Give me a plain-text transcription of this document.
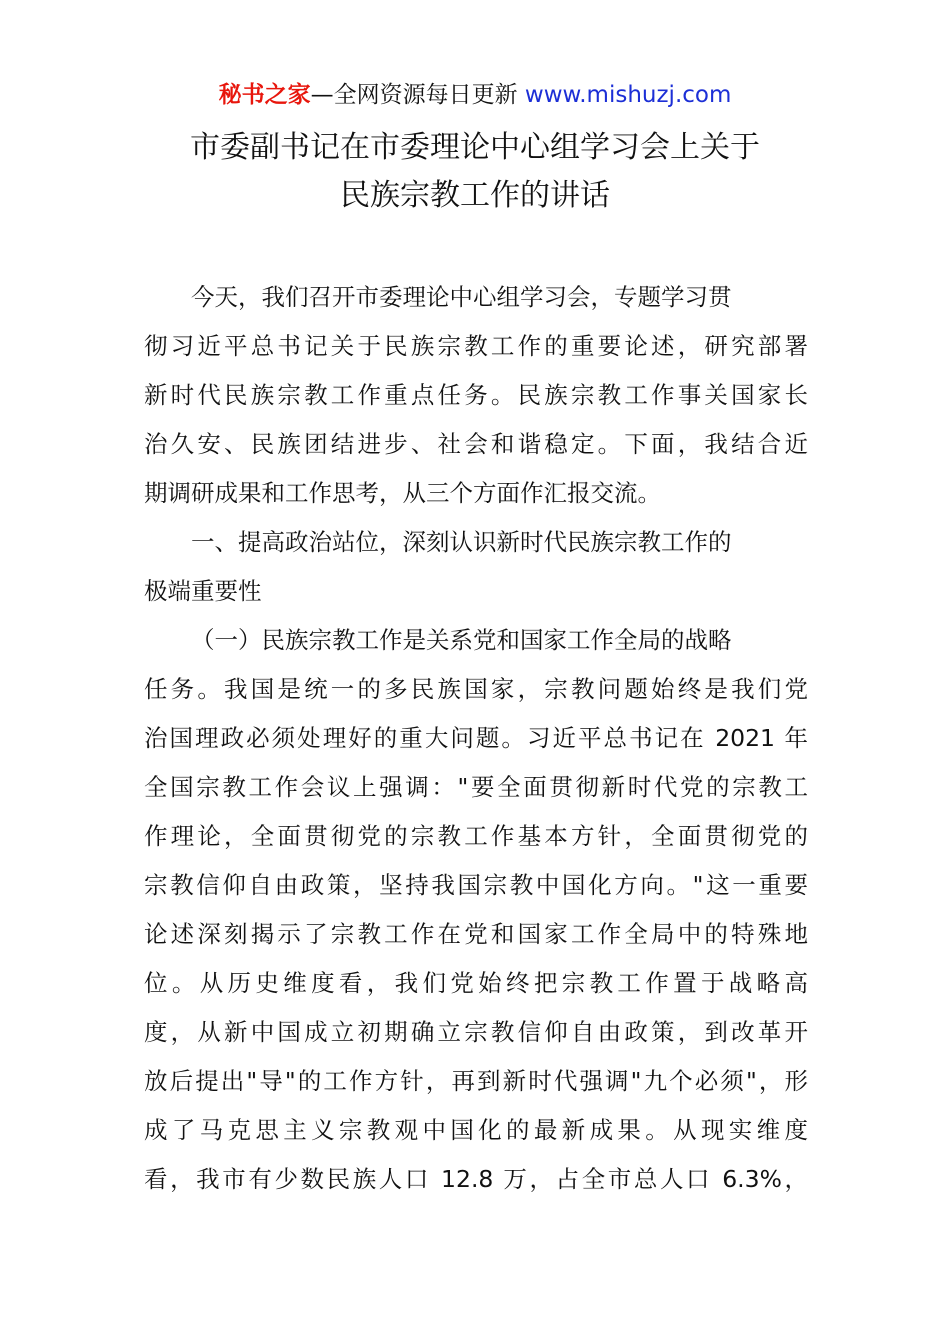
秘书之家—全网资源每日更新 www.mishuzj.com
市委副书记在市委理论中心组学习会上关于
民族宗教工作的讲话
今天，我们召开市委理论中心组学习会，专题学习贯
彻习近平总书记关于民族宗教工作的重要论述，研究部署
新时代民族宗教工作重点任务。民族宗教工作事关国家长
治久安、民族团结进步、社会和谐稳定。下面，我结合近
期调研成果和工作思考，从三个方面作汇报交流。
一、提高政治站位，深刻认识新时代民族宗教工作的
极端重要性
（一）民族宗教工作是关系党和国家工作全局的战略
任务。我国是统一的多民族国家，宗教问题始终是我们党
治国理政必须处理好的重大问题。习近平总书记在 2021 年
全国宗教工作会议上强调："要全面贯彻新时代党的宗教工
作理论，全面贯彻党的宗教工作基本方针，全面贯彻党的
宗教信仰自由政策，坚持我国宗教中国化方向。"这一重要
论述深刻揭示了宗教工作在党和国家工作全局中的特殊地
位。从历史维度看，我们党始终把宗教工作置于战略高
度，从新中国成立初期确立宗教信仰自由政策，到改革开
放后提出"导"的工作方针，再到新时代强调"九个必须"，形
成了马克思主义宗教观中国化的最新成果。从现实维度
看，我市有少数民族人口 12.8 万，占全市总人口 6.3%，
